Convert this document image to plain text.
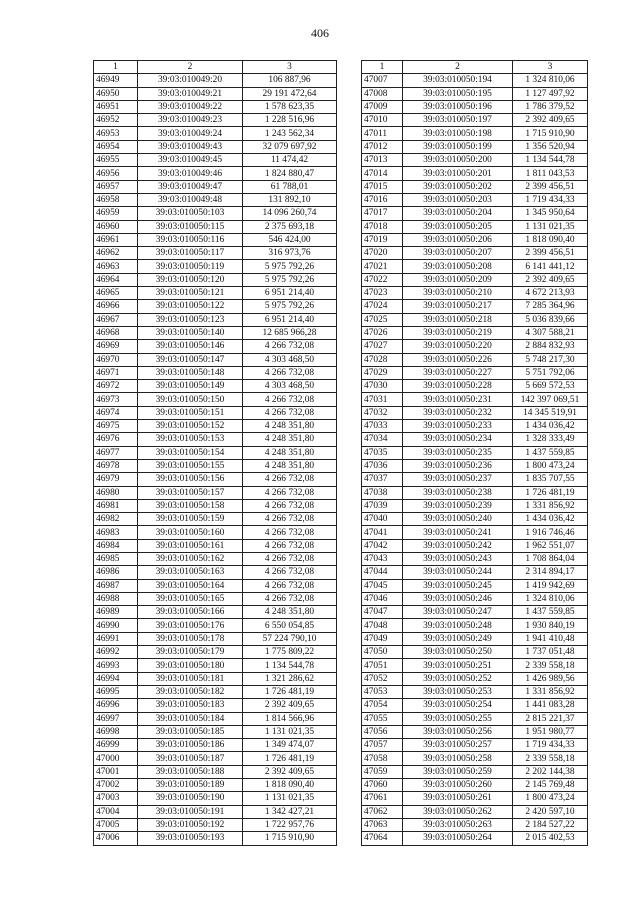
406
1	2	3
46949	39:03:010049:20	106 887,96
46950	39:03:010049:21	29 191 472,64
46951	39:03:010049:22	1 578 623,35
46952	39:03:010049:23	1 228 516,96
46953	39:03:010049:24	1 243 562,34
46954	39:03:010049:43	32 079 697,92
46955	39:03:010049:45	11 474,42
46956	39:03:010049:46	1 824 880,47
46957	39:03:010049:47	61 788,01
46958	39:03:010049:48	131 892,10
46959	39:03:010050:103	14 096 260,74
46960	39:03:010050:115	2 375 693,18
46961	39:03:010050:116	546 424,00
46962	39:03:010050:117	316 973,76
46963	39:03:010050:119	5 975 792,26
46964	39:03:010050:120	5 975 792,26
46965	39:03:010050:121	6 951 214,40
46966	39:03:010050:122	5 975 792,26
46967	39:03:010050:123	6 951 214,40
46968	39:03:010050:140	12 685 966,28
46969	39:03:010050:146	4 266 732,08
46970	39:03:010050:147	4 303 468,50
46971	39:03:010050:148	4 266 732,08
46972	39:03:010050:149	4 303 468,50
46973	39:03:010050:150	4 266 732,08
46974	39:03:010050:151	4 266 732,08
46975	39:03:010050:152	4 248 351,80
46976	39:03:010050:153	4 248 351,80
46977	39:03:010050:154	4 248 351,80
46978	39:03:010050:155	4 248 351,80
46979	39:03:010050:156	4 266 732,08
46980	39:03:010050:157	4 266 732,08
46981	39:03:010050:158	4 266 732,08
46982	39:03:010050:159	4 266 732,08
46983	39:03:010050:160	4 266 732,08
46984	39:03:010050:161	4 266 732,08
46985	39:03:010050:162	4 266 732,08
46986	39:03:010050:163	4 266 732,08
46987	39:03:010050:164	4 266 732,08
46988	39:03:010050:165	4 266 732,08
46989	39:03:010050:166	4 248 351,80
46990	39:03:010050:176	6 550 054,85
46991	39:03:010050:178	57 224 790,10
46992	39:03:010050:179	1 775 809,22
46993	39:03:010050:180	1 134 544,78
46994	39:03:010050:181	1 321 286,62
46995	39:03:010050:182	1 726 481,19
46996	39:03:010050:183	2 392 409,65
46997	39:03:010050:184	1 814 566,96
46998	39:03:010050:185	1 131 021,35
46999	39:03:010050:186	1 349 474,07
47000	39:03:010050:187	1 726 481,19
47001	39:03:010050:188	2 392 409,65
47002	39:03:010050:189	1 818 090,40
47003	39:03:010050:190	1 131 021,35
47004	39:03:010050:191	1 342 427,21
47005	39:03:010050:192	1 722 957,76
47006	39:03:010050:193	1 715 910,90
1	2	3
47007	39:03:010050:194	1 324 810,06
47008	39:03:010050:195	1 127 497,92
47009	39:03:010050:196	1 786 379,52
47010	39:03:010050:197	2 392 409,65
47011	39:03:010050:198	1 715 910,90
47012	39:03:010050:199	1 356 520,94
47013	39:03:010050:200	1 134 544,78
47014	39:03:010050:201	1 811 043,53
47015	39:03:010050:202	2 399 456,51
47016	39:03:010050:203	1 719 434,33
47017	39:03:010050:204	1 345 950,64
47018	39:03:010050:205	1 131 021,35
47019	39:03:010050:206	1 818 090,40
47020	39:03:010050:207	2 399 456,51
47021	39:03:010050:208	6 141 441,12
47022	39:03:010050:209	2 392 409,65
47023	39:03:010050:210	4 672 213,93
47024	39:03:010050:217	7 285 364,96
47025	39:03:010050:218	5 036 839,66
47026	39:03:010050:219	4 307 588,21
47027	39:03:010050:220	2 884 832,93
47028	39:03:010050:226	5 748 217,30
47029	39:03:010050:227	5 751 792,06
47030	39:03:010050:228	5 669 572,53
47031	39:03:010050:231	142 397 069,51
47032	39:03:010050:232	14 345 519,91
47033	39:03:010050:233	1 434 036,42
47034	39:03:010050:234	1 328 333,49
47035	39:03:010050:235	1 437 559,85
47036	39:03:010050:236	1 800 473,24
47037	39:03:010050:237	1 835 707,55
47038	39:03:010050:238	1 726 481,19
47039	39:03:010050:239	1 331 856,92
47040	39:03:010050:240	1 434 036,42
47041	39:03:010050:241	1 916 746,46
47042	39:03:010050:242	1 962 551,07
47043	39:03:010050:243	1 708 864,04
47044	39:03:010050:244	2 314 894,17
47045	39:03:010050:245	1 419 942,69
47046	39:03:010050:246	1 324 810,06
47047	39:03:010050:247	1 437 559,85
47048	39:03:010050:248	1 930 840,19
47049	39:03:010050:249	1 941 410,48
47050	39:03:010050:250	1 737 051,48
47051	39:03:010050:251	2 339 558,18
47052	39:03:010050:252	1 426 989,56
47053	39:03:010050:253	1 331 856,92
47054	39:03:010050:254	1 441 083,28
47055	39:03:010050:255	2 815 221,37
47056	39:03:010050:256	1 951 980,77
47057	39:03:010050:257	1 719 434,33
47058	39:03:010050:258	2 339 558,18
47059	39:03:010050:259	2 202 144,38
47060	39:03:010050:260	2 145 769,48
47061	39:03:010050:261	1 800 473,24
47062	39:03:010050:262	2 420 597,10
47063	39:03:010050:263	2 184 527,22
47064	39:03:010050:264	2 015 402,53
